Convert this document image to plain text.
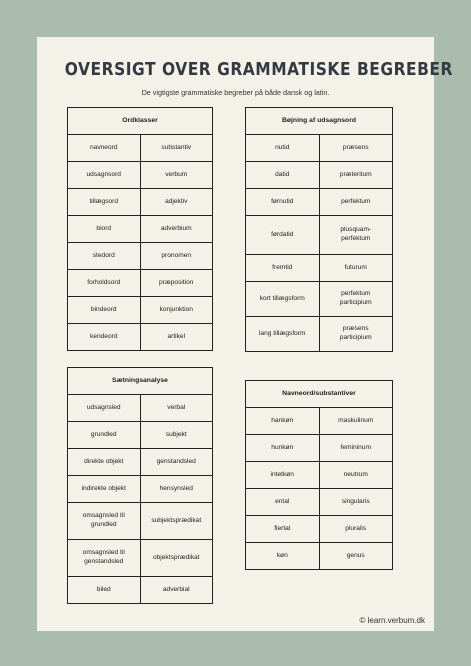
OVERSIGT OVER GRAMMATISKE BEGREBER

De vigtigste grammatiske begreber på både dansk og latin.

Ordklasser	
navneord	substantiv
udsagnsord	verbum
tillægsord	adjektiv
biord	adverbium
stedord	pronomen
forholdsord	præposition
bindeord	konjunktion
kendeord	artikel
Bøjning af udsagnsord	
nutid	præsens
datid	præteritum
førnutid	perfektum
førdatid	plusquam-
perfektum
fremtid	futurum
kort tillægsform	perfektum
participium
lang tillægsform	præsens
participium
Sætningsanalyse	
udsagnsled	verbal
grundled	subjekt
direkte objekt	genstandsled
indirekte objekt	hensynsled
omsagnsled til
grundled	subjektsprædikat
omsagnsled til
genstandsled	objektsprædikat
biled	adverbial
Navneord/substantiver	
hankøn	maskulinum
hunkøn	femininum
intetkøn	neutrum
ental	singularis
flertal	pluralis
køn	genus
© learn.verbum.dk
